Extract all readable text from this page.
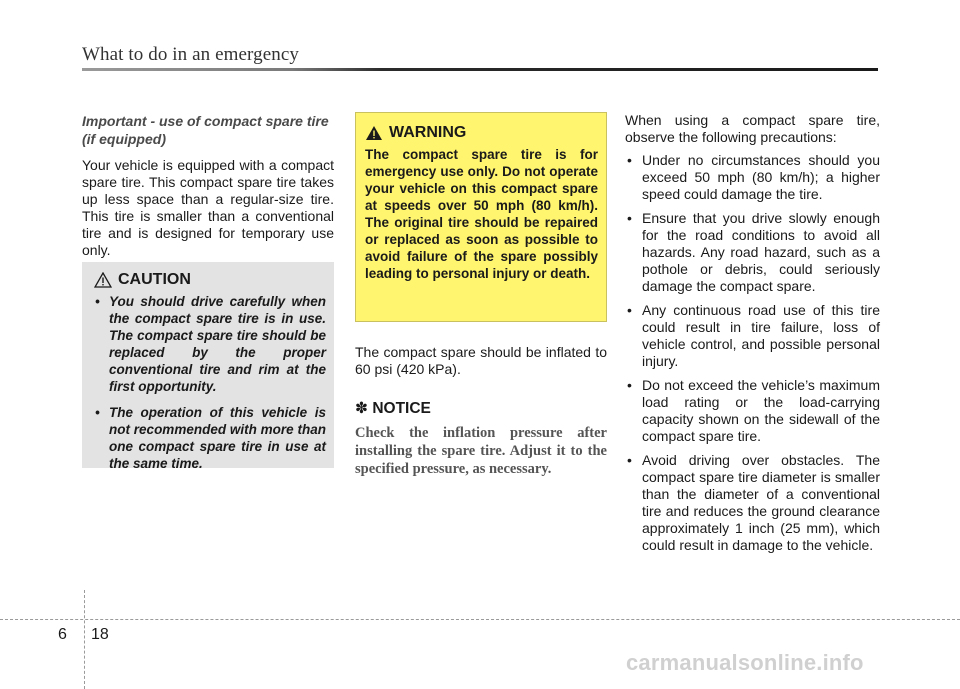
What to do in an emergency

Important - use of compact spare tire (if equipped)

Your vehicle is equipped with a compact spare tire. This compact spare tire takes up less space than a regular-size tire. This tire is smaller than a conventional tire and is designed for temporary use only.

CAUTION
• You should drive carefully when the compact spare tire is in use. The compact spare tire should be replaced by the proper conventional tire and rim at the first opportunity.
• The operation of this vehicle is not recommended with more than one compact spare tire in use at the same time.
WARNING

The compact spare tire is for emergency use only. Do not operate your vehicle on this compact spare at speeds over 50 mph (80 km/h). The original tire should be repaired or replaced as soon as possible to avoid failure of the spare possibly leading to personal injury or death.

The compact spare should be inflated to 60 psi (420 kPa).

✽ NOTICE

Check the inflation pressure after installing the spare tire. Adjust it to the specified pressure, as necessary.

When using a compact spare tire, observe the following precautions:

• Under no circumstances should you exceed 50 mph (80 km/h); a higher speed could damage the tire.
• Ensure that you drive slowly enough for the road conditions to avoid all hazards. Any road hazard, such as a pothole or debris, could seriously damage the compact spare.
• Any continuous road use of this tire could result in tire failure, loss of vehicle control, and possible personal injury.
• Do not exceed the vehicle’s maximum load rating or the load-carrying capacity shown on the sidewall of the compact spare tire.
• Avoid driving over obstacles. The compact spare tire diameter is smaller than the diameter of a conventional tire and reduces the ground clearance approximately 1 inch (25 mm), which could result in damage to the vehicle.
6 18
carmanualsonline.info
